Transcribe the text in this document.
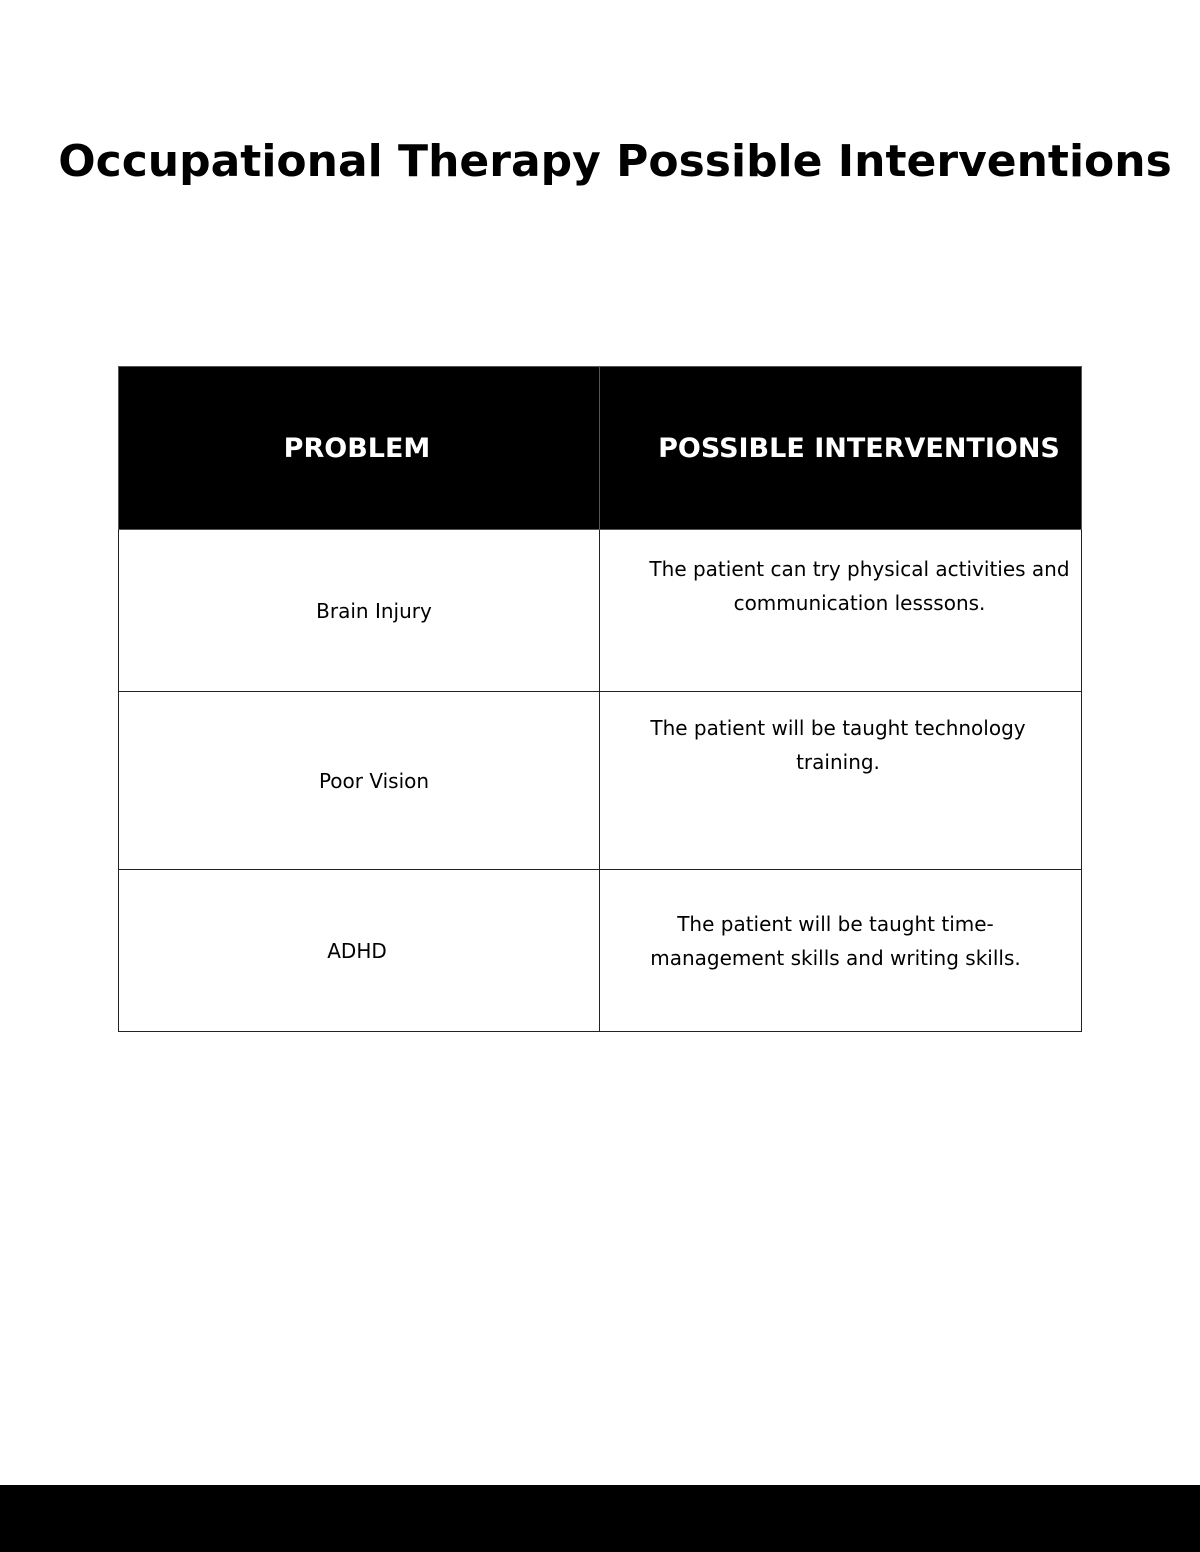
Occupational Therapy Possible Interventions
PROBLEM	POSSIBLE INTERVENTIONS

Brain Injury	The patient can try physical activities and communication lesssons.

Poor Vision	The patient will be taught technology training.

ADHD	The patient will be taught time-management skills and writing skills.
